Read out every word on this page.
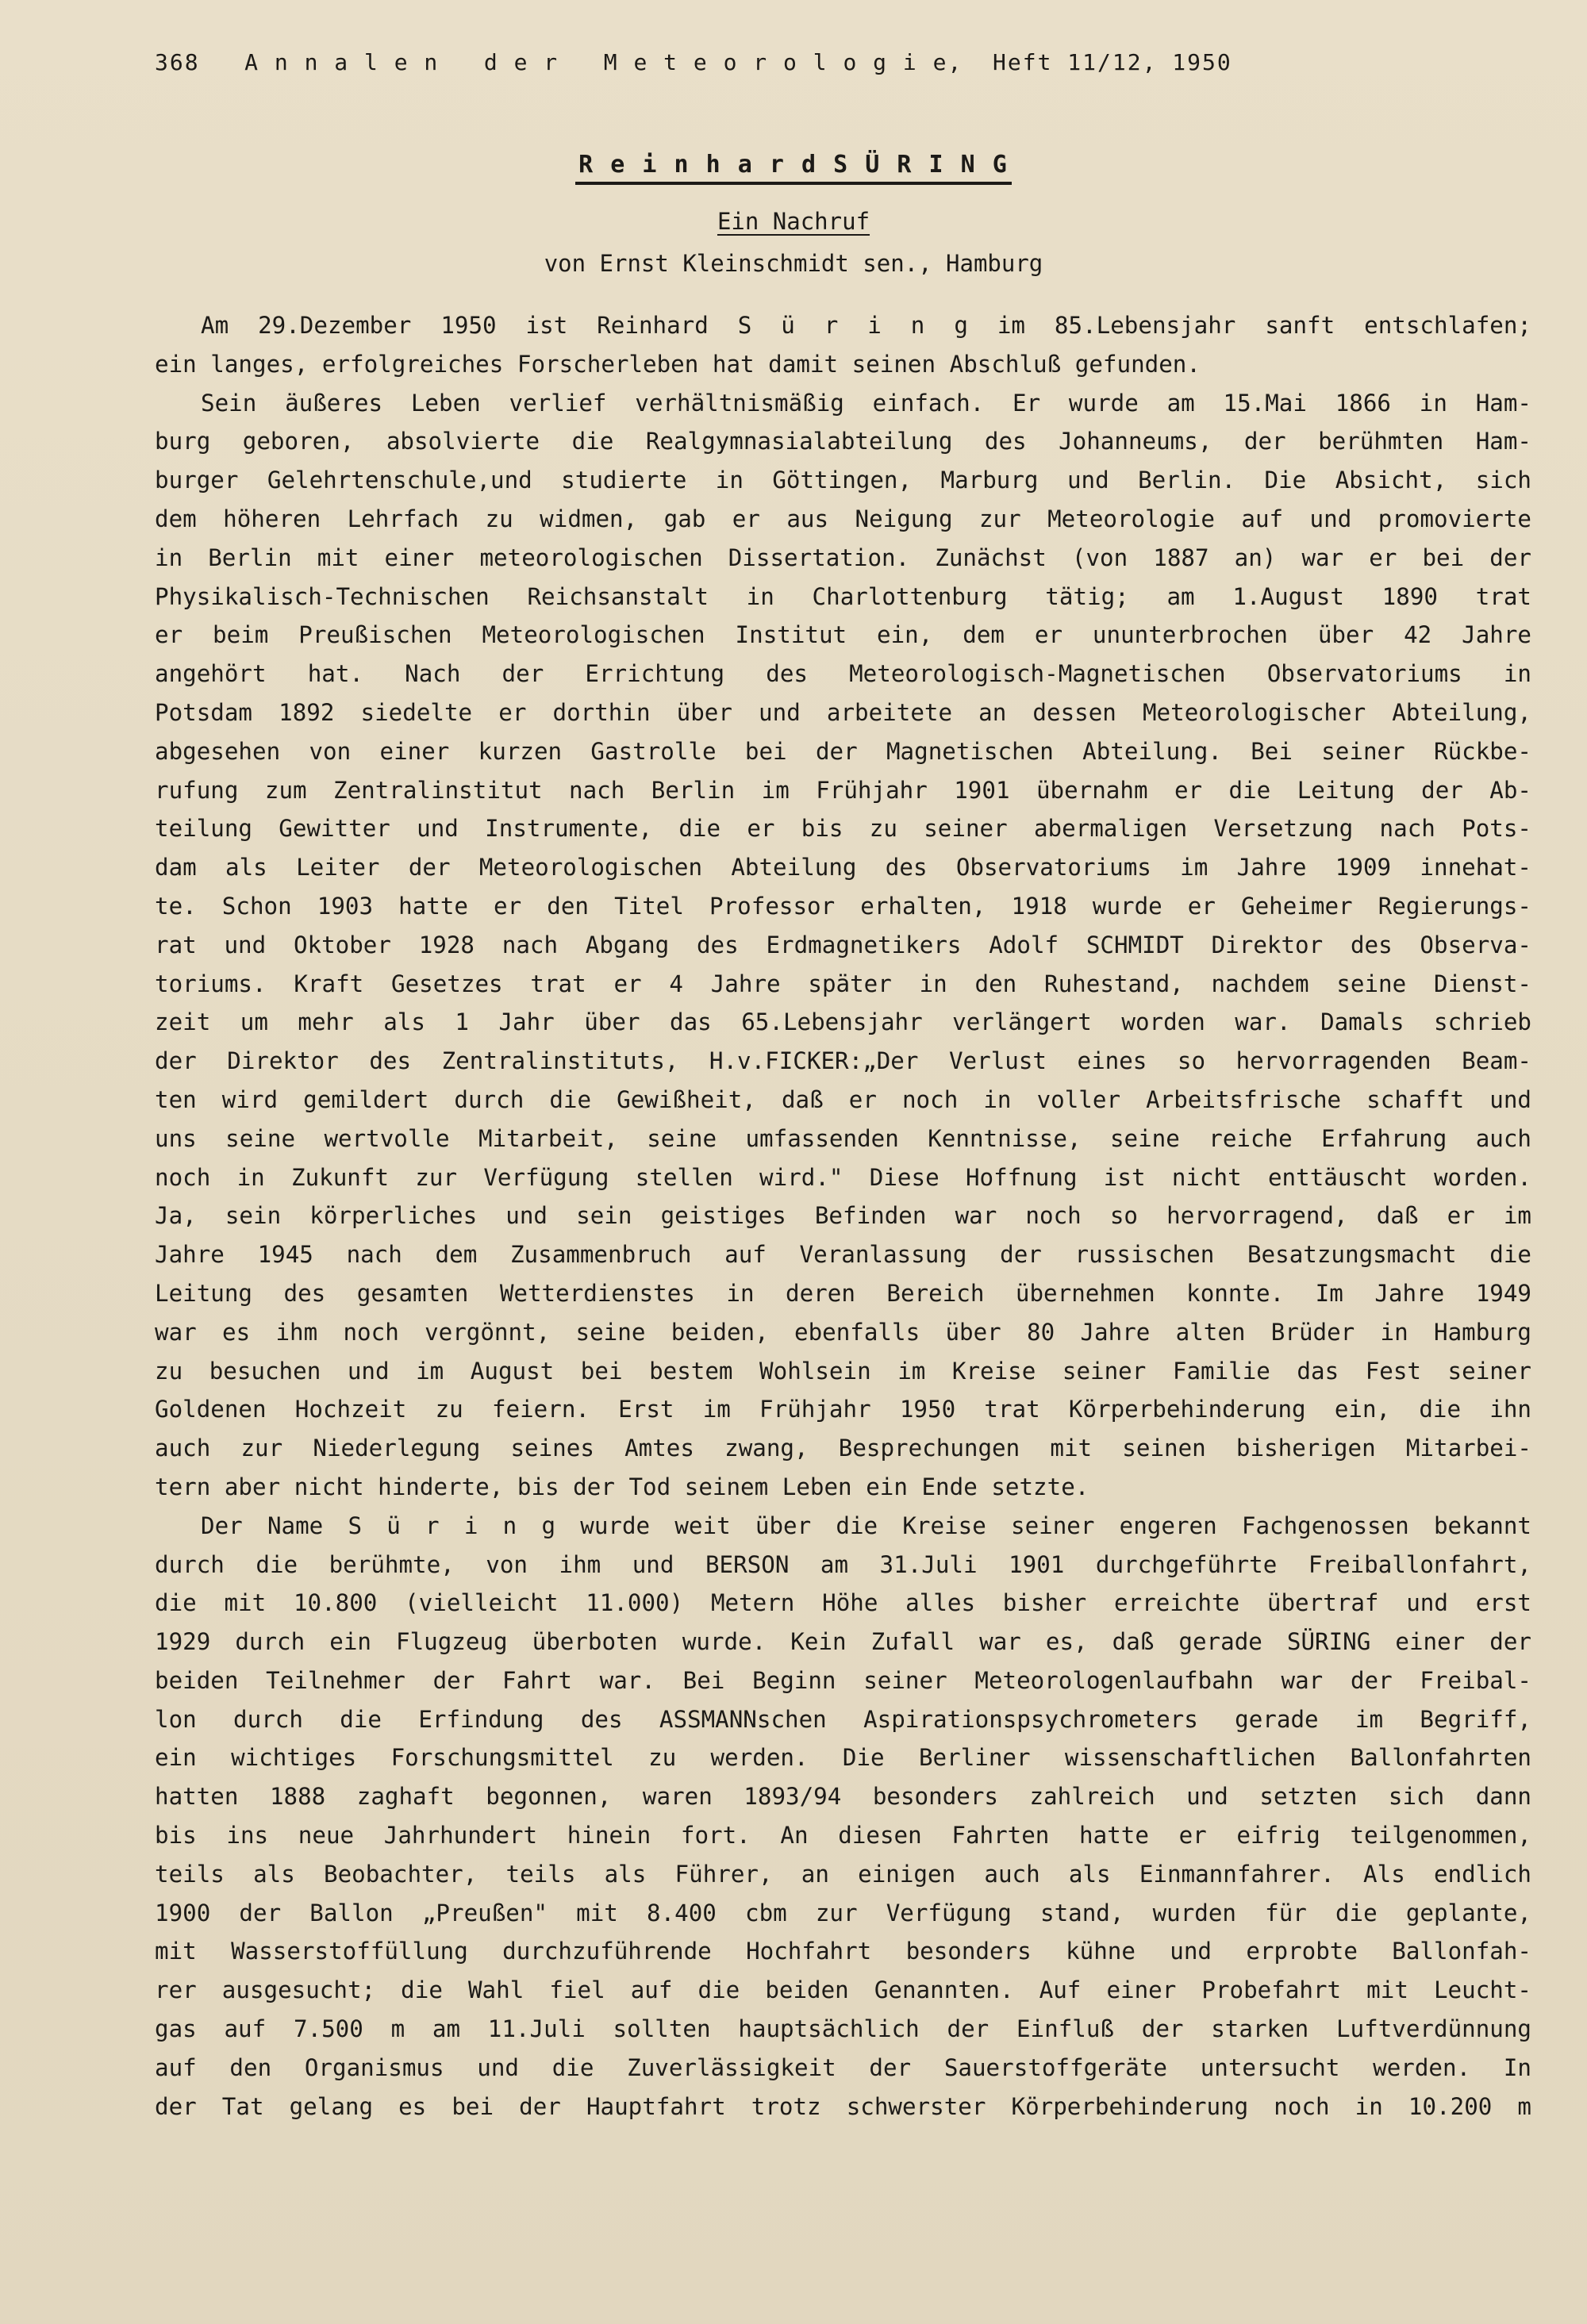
368   A n n a l e n   d e r   M e t e o r o l o g i e,  Heft 11/12, 1950
R e i n h a r d S Ü R I N G
Ein Nachruf
von Ernst Kleinschmidt sen., Hamburg
Am 29.Dezember 1950 ist Reinhard S ü r i n g im 85.Lebensjahr sanft entschlafen;
ein langes, erfolgreiches Forscherleben hat damit seinen Abschluß gefunden.
Sein äußeres Leben verlief verhältnismäßig einfach. Er wurde am 15.Mai 1866 in Ham-
burg geboren, absolvierte die Realgymnasialabteilung des Johanneums, der berühmten Ham-
burger Gelehrtenschule,und studierte in Göttingen, Marburg und Berlin. Die Absicht, sich
dem höheren Lehrfach zu widmen, gab er aus Neigung zur Meteorologie auf und promovierte
in Berlin mit einer meteorologischen Dissertation. Zunächst (von 1887 an) war er bei der
Physikalisch-Technischen Reichsanstalt in Charlottenburg tätig; am 1.August 1890 trat
er beim Preußischen Meteorologischen Institut ein, dem er ununterbrochen über 42 Jahre
angehört hat. Nach der Errichtung des Meteorologisch-Magnetischen Observatoriums in
Potsdam 1892 siedelte er dorthin über und arbeitete an dessen Meteorologischer Abteilung,
abgesehen von einer kurzen Gastrolle bei der Magnetischen Abteilung. Bei seiner Rückbe-
rufung zum Zentralinstitut nach Berlin im Frühjahr 1901 übernahm er die Leitung der Ab-
teilung Gewitter und Instrumente, die er bis zu seiner abermaligen Versetzung nach Pots-
dam als Leiter der Meteorologischen Abteilung des Observatoriums im Jahre 1909 innehat-
te. Schon 1903 hatte er den Titel Professor erhalten, 1918 wurde er Geheimer Regierungs-
rat und Oktober 1928 nach Abgang des Erdmagnetikers Adolf SCHMIDT Direktor des Observa-
toriums. Kraft Gesetzes trat er 4 Jahre später in den Ruhestand, nachdem seine Dienst-
zeit um mehr als 1 Jahr über das 65.Lebensjahr verlängert worden war. Damals schrieb
der Direktor des Zentralinstituts, H.v.FICKER:„Der Verlust eines so hervorragenden Beam-
ten wird gemildert durch die Gewißheit, daß er noch in voller Arbeitsfrische schafft und
uns seine wertvolle Mitarbeit, seine umfassenden Kenntnisse, seine reiche Erfahrung auch
noch in Zukunft zur Verfügung stellen wird." Diese Hoffnung ist nicht enttäuscht worden.
Ja, sein körperliches und sein geistiges Befinden war noch so hervorragend, daß er im
Jahre 1945 nach dem Zusammenbruch auf Veranlassung der russischen Besatzungsmacht die
Leitung des gesamten Wetterdienstes in deren Bereich übernehmen konnte. Im Jahre 1949
war es ihm noch vergönnt, seine beiden, ebenfalls über 80 Jahre alten Brüder in Hamburg
zu besuchen und im August bei bestem Wohlsein im Kreise seiner Familie das Fest seiner
Goldenen Hochzeit zu feiern. Erst im Frühjahr 1950 trat Körperbehinderung ein, die ihn
auch zur Niederlegung seines Amtes zwang, Besprechungen mit seinen bisherigen Mitarbei-
tern aber nicht hinderte, bis der Tod seinem Leben ein Ende setzte.
Der Name S ü r i n g wurde weit über die Kreise seiner engeren Fachgenossen bekannt
durch die berühmte, von ihm und BERSON am 31.Juli 1901 durchgeführte Freiballonfahrt,
die mit 10.800 (vielleicht 11.000) Metern Höhe alles bisher erreichte übertraf und erst
1929 durch ein Flugzeug überboten wurde. Kein Zufall war es, daß gerade SÜRING einer der
beiden Teilnehmer der Fahrt war. Bei Beginn seiner Meteorologenlaufbahn war der Freibal-
lon durch die Erfindung des ASSMANNschen Aspirationspsychrometers gerade im Begriff,
ein wichtiges Forschungsmittel zu werden. Die Berliner wissenschaftlichen Ballonfahrten
hatten 1888 zaghaft begonnen, waren 1893/94 besonders zahlreich und setzten sich dann
bis ins neue Jahrhundert hinein fort. An diesen Fahrten hatte er eifrig teilgenommen,
teils als Beobachter, teils als Führer, an einigen auch als Einmannfahrer. Als endlich
1900 der Ballon „Preußen" mit 8.400 cbm zur Verfügung stand, wurden für die geplante,
mit Wasserstoffüllung durchzuführende Hochfahrt besonders kühne und erprobte Ballonfah-
rer ausgesucht; die Wahl fiel auf die beiden Genannten. Auf einer Probefahrt mit Leucht-
gas auf 7.500 m am 11.Juli sollten hauptsächlich der Einfluß der starken Luftverdünnung
auf den Organismus und die Zuverlässigkeit der Sauerstoffgeräte untersucht werden. In
der Tat gelang es bei der Hauptfahrt trotz schwerster Körperbehinderung noch in 10.200 m
